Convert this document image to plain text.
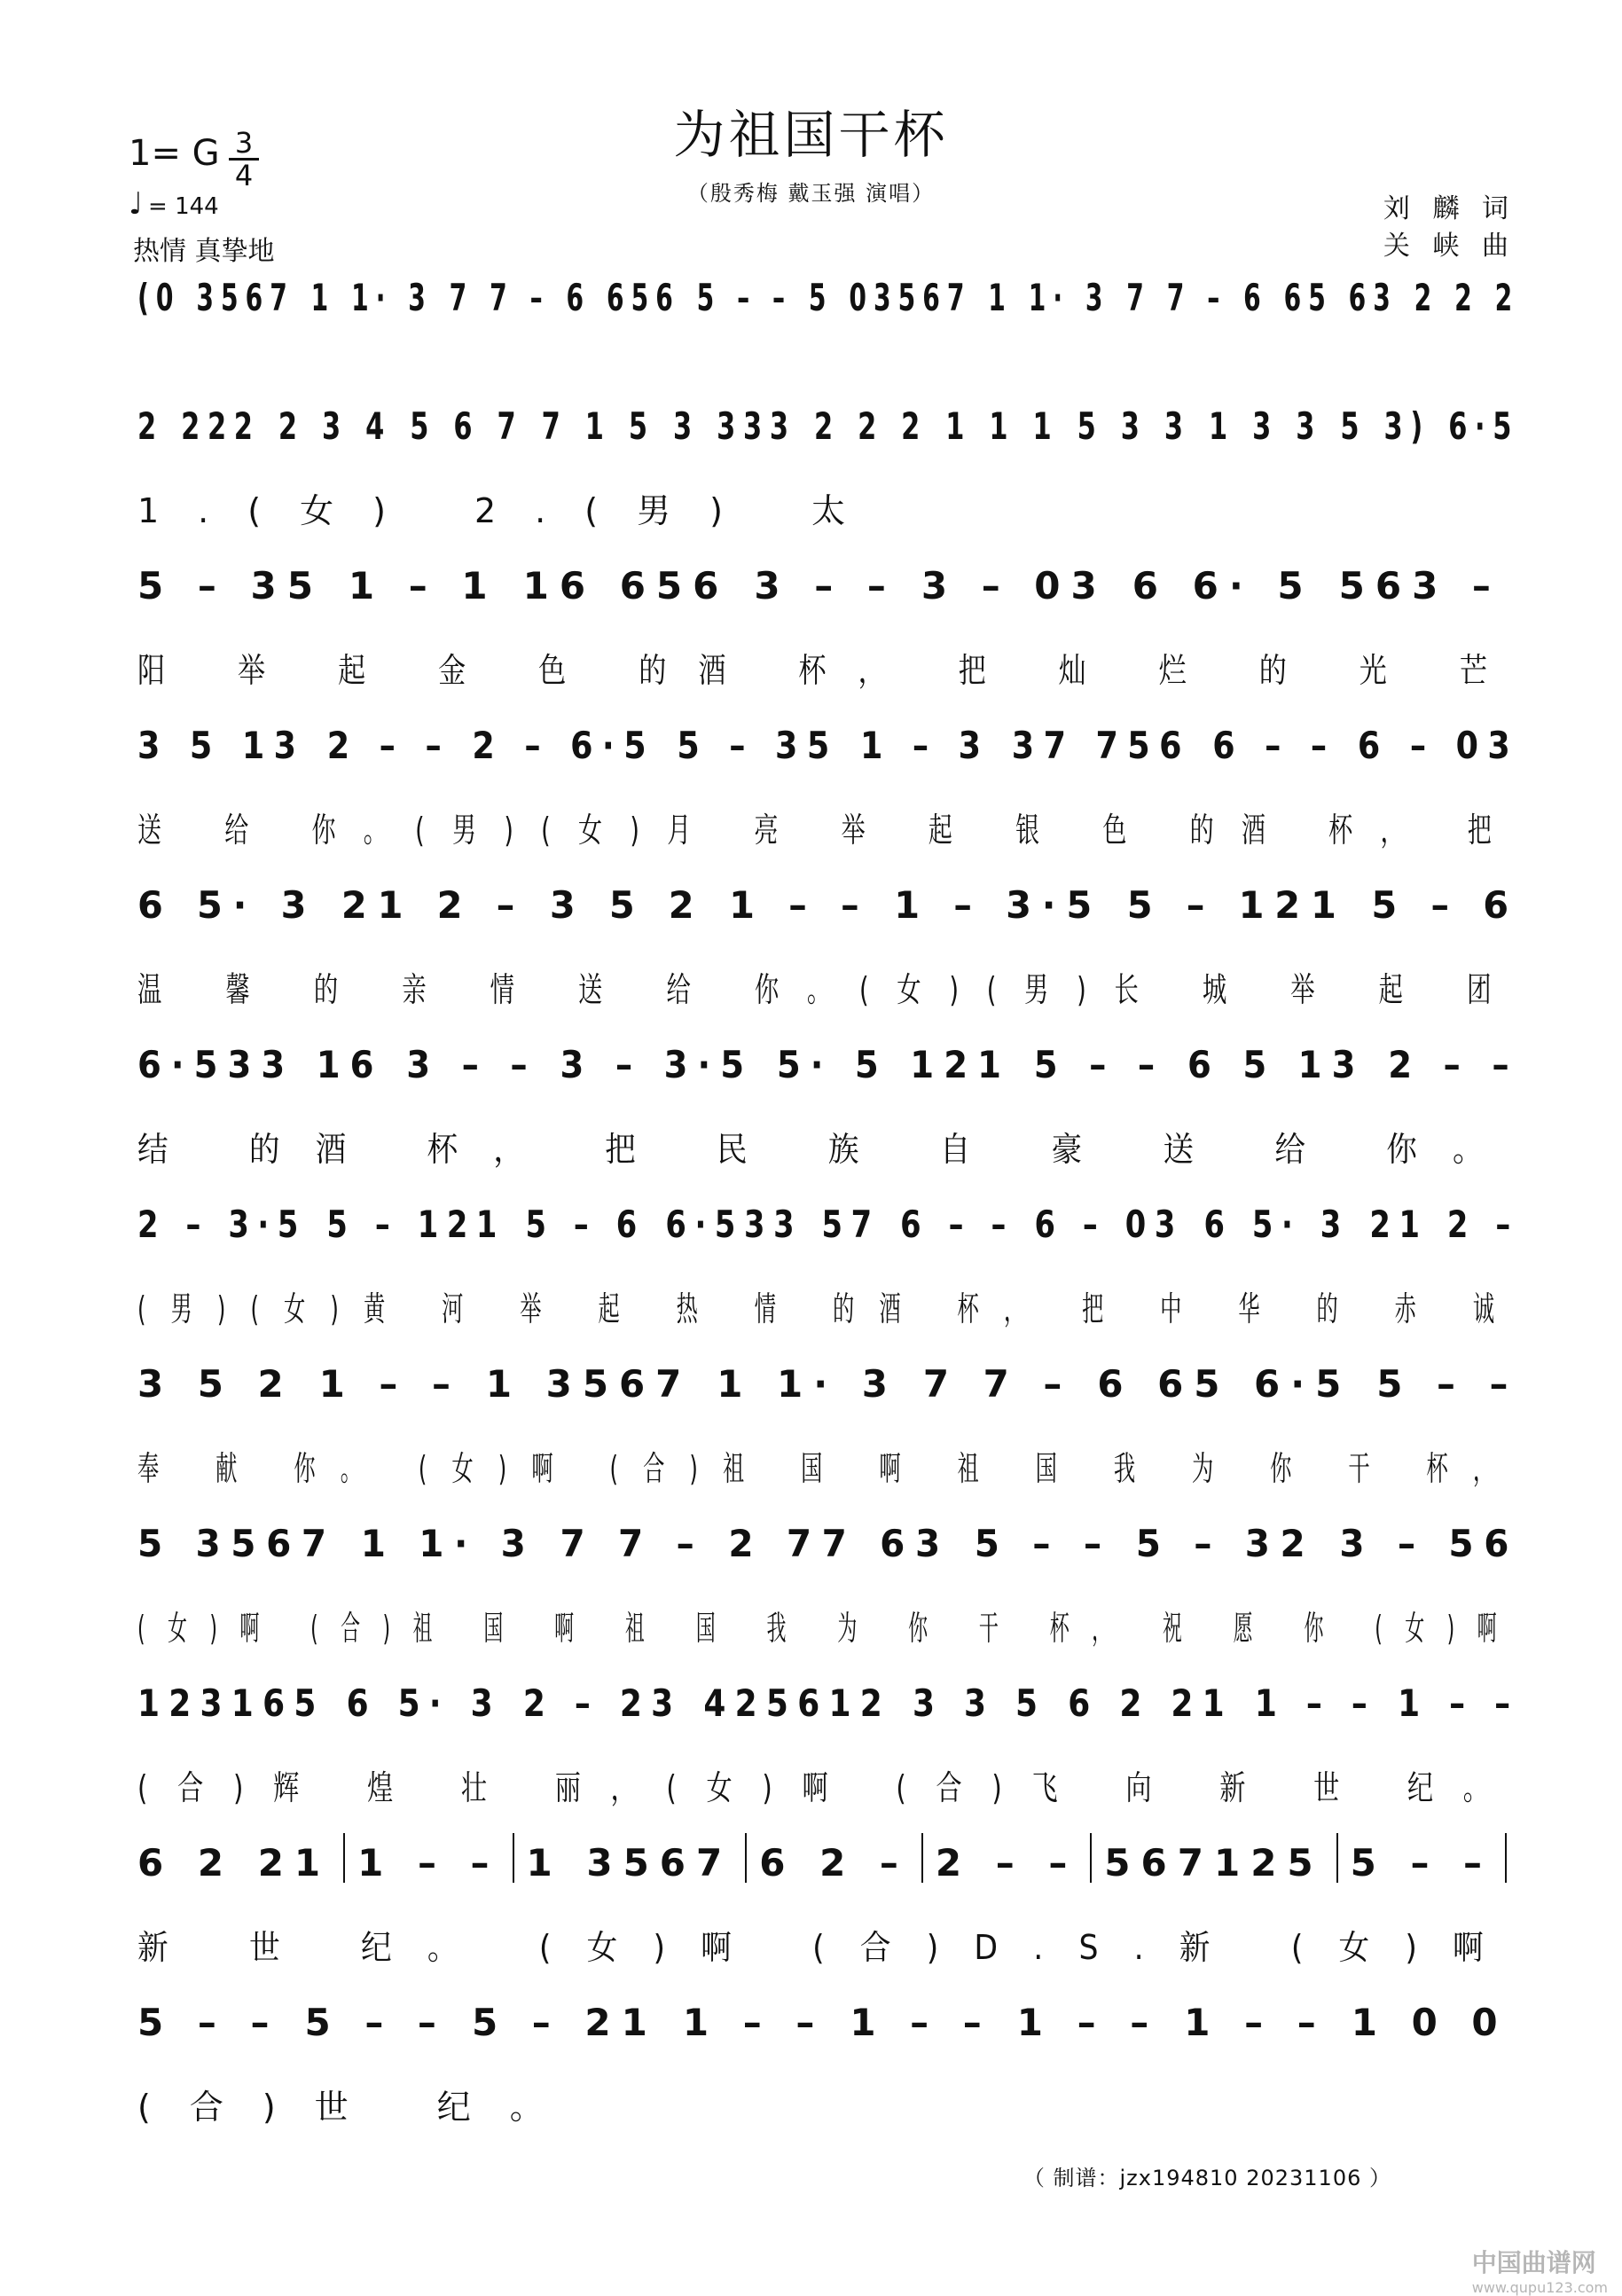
为祖国干杯
（殷秀梅 戴玉强 演唱）
1= G 3
4
♩ = 144
热情 真挚地
刘 麟 词
关 峡 曲
(0 3567 1 1· 3 7 7 – 6 656 5 – – 5 03567 1 1· 3 7 7 – 6 65 63 2 2 2
2 222 2 3 4 5 6 7 7 1 5 3 333 2 2 2 1 1 1 5 3 3 1 3 3 5 3) 6·5
1.(女) 2.(男) 太
5 – 35 1 – 1 16 656 3 – – 3 – 03 6 6· 5 563 –
阳 举 起 金 色 的酒 杯， 把 灿 烂 的 光 芒
3 5 13 2 – – 2 – 6·5 5 – 35 1 – 3 37 756 6 – – 6 – 03
送 给 你。(男)(女)月 亮 举 起 银 色 的酒 杯， 把
6 5· 3 21 2 – 3 5 2 1 – – 1 – 3·5 5 – 121 5 – 6
温 馨 的 亲 情 送 给 你。(女)(男)长 城 举 起 团
6·533 16 3 – – 3 – 3·5 5· 5 121 5 – – 6 5 13 2 – –
结 的酒 杯， 把 民 族 自 豪 送 给 你。
2 – 3·5 5 – 121 5 – 6 6·533 57 6 – – 6 – 03 6 5· 3 21 2 –
(男)(女)黄 河 举 起 热 情 的酒 杯， 把 中 华 的 赤 诚
3 5 2 1 – – 1 3567 1 1· 3 7 7 – 6 65 6·5 5 – –
奉 献 你。 (女)啊 (合)祖 国 啊 祖 国 我 为 你 干 杯，
5 3567 1 1· 3 7 7 – 2 77 63 5 – – 5 – 32 3 – 56
(女)啊 (合)祖 国 啊 祖 国 我 为 你 干 杯， 祝 愿 你 (女)啊
123165 6 5· 3 2 – 23 425612 3 3 5 6 2 21 1 – – 1 – –
(合)辉 煌 壮 丽，(女)啊 (合)飞 向 新 世 纪。
6 2 21 1 – – 1 3567 6 2 – 2 – – 567125 5 – –
新 世 纪。 (女)啊 (合)D.S.新 (女)啊
5 – – 5 – – 5 – 21 1 – – 1 – – 1 – – 1 – – 1 0 0
(合)世 纪。
（ 制谱：jzx194810 20231106 ）
中国曲谱网
www.qupu123.com
